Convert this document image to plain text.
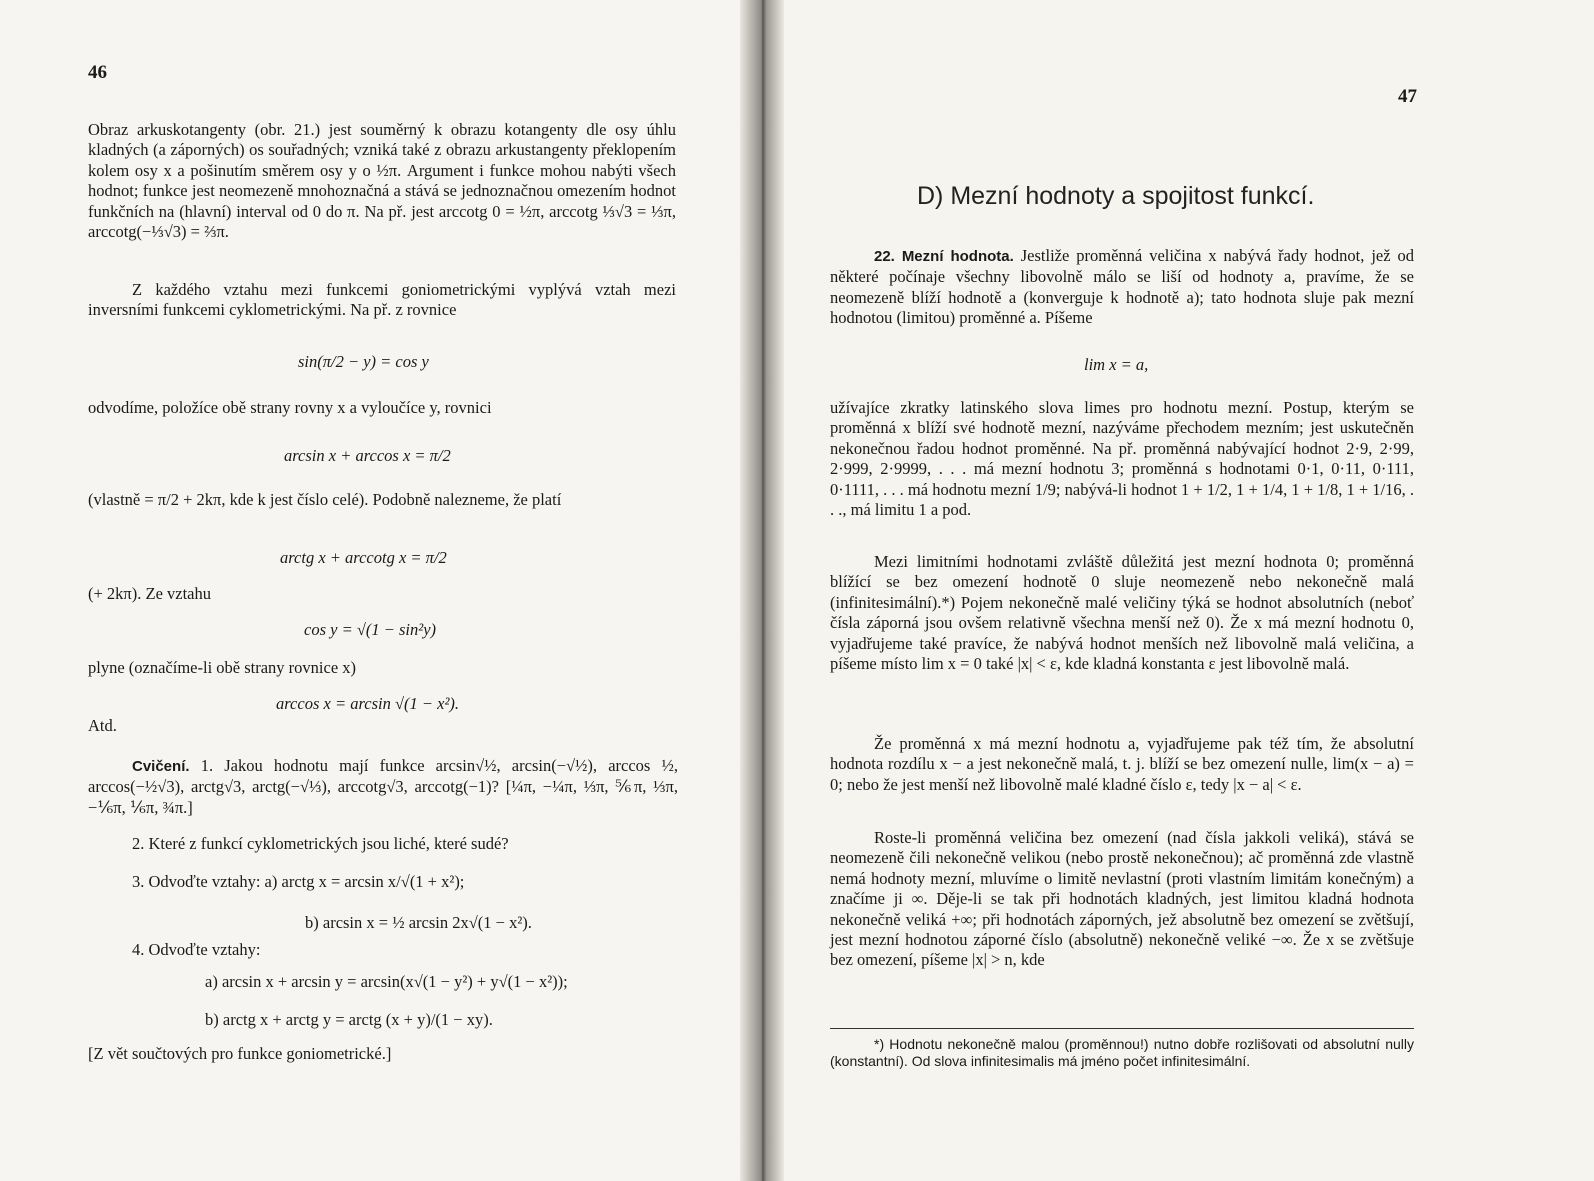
46

Obraz arkuskotangenty (obr. 21.) jest souměrný k obrazu kotangenty dle osy úhlu kladných (a záporných) os souřadných; vzniká také z obrazu arkustangenty překlopením kolem osy x a pošinutím směrem osy y o ½π. Argument i funkce mohou nabýti všech hodnot; funkce jest neomezeně mnohoznačná a stává se jednoznačnou omezením hodnot funkčních na (hlavní) interval od 0 do π. Na př. jest arccotg 0 = ½π, arccotg ⅓√3 = ⅓π, arccotg(−⅓√3) = ⅔π.

Z každého vztahu mezi funkcemi goniometrickými vyplývá vztah mezi inversními funkcemi cyklometrickými. Na př. z rovnice

sin(π/2 − y) = cos y

odvodíme, položíce obě strany rovny x a vyloučíce y, rovnici

arcsin x + arccos x = π/2

(vlastně = π/2 + 2kπ, kde k jest číslo celé). Podobně nalezneme, že platí

arctg x + arccotg x = π/2

(+ 2kπ). Ze vztahu

cos y = √(1 − sin²y)

plyne (označíme-li obě strany rovnice x)

arccos x = arcsin √(1 − x²).
Atd.

Cvičení. 1. Jakou hodnotu mají funkce arcsin√½, arcsin(−√½), arccos ½, arccos(−½√3), arctg√3, arctg(−√⅓), arccotg√3, arccotg(−1)? [¼π, −¼π, ⅓π, ⅚π, ⅓π, −⅙π, ⅙π, ¾π.]

2. Které z funkcí cyklometrických jsou liché, které sudé?
3. Odvoďte vztahy: a) arctg x = arcsin x/√(1 + x²);
b) arcsin x = ½ arcsin 2x√(1 − x²).
4. Odvoďte vztahy:
a) arcsin x + arcsin y = arcsin(x√(1 − y²) + y√(1 − x²));
b) arctg x + arctg y = arctg (x + y)/(1 − xy).
[Z vět součtových pro funkce goniometrické.]
47
D) Mezní hodnoty a spojitost funkcí.

22. Mezní hodnota. Jestliže proměnná veličina x nabývá řady hodnot, jež od některé počínaje všechny libovolně málo se liší od hodnoty a, pravíme, že se neomezeně blíží hodnotě a (konverguje k hodnotě a); tato hodnota sluje pak mezní hodnotou (limitou) proměnné a. Píšeme

lim x = a,

užívajíce zkratky latinského slova limes pro hodnotu mezní. Postup, kterým se proměnná x blíží své hodnotě mezní, nazýváme přechodem mezním; jest uskutečněn nekonečnou řadou hodnot proměnné. Na př. proměnná nabývající hodnot 2·9, 2·99, 2·999, 2·9999, . . . má mezní hodnotu 3; proměnná s hodnotami 0·1, 0·11, 0·111, 0·1111, . . . má hodnotu mezní 1/9; nabývá-li hodnot 1 + 1/2, 1 + 1/4, 1 + 1/8, 1 + 1/16, . . ., má limitu 1 a pod.

Mezi limitními hodnotami zvláště důležitá jest mezní hodnota 0; proměnná blížící se bez omezení hodnotě 0 sluje neomezeně nebo nekonečně malá (infinitesimální).*) Pojem nekonečně malé veličiny týká se hodnot absolutních (neboť čísla záporná jsou ovšem relativně všechna menší než 0). Že x má mezní hodnotu 0, vyjadřujeme také pravíce, že nabývá hodnot menších než libovolně malá veličina, a píšeme místo lim x = 0 také |x| < ε, kde kladná konstanta ε jest libovolně malá.

Že proměnná x má mezní hodnotu a, vyjadřujeme pak též tím, že absolutní hodnota rozdílu x − a jest nekonečně malá, t. j. blíží se bez omezení nulle, lim(x − a) = 0; nebo že jest menší než libovolně malé kladné číslo ε, tedy |x − a| < ε.

Roste-li proměnná veličina bez omezení (nad čísla jakkoli veliká), stává se neomezeně čili nekonečně velikou (nebo prostě nekonečnou); ač proměnná zde vlastně nemá hodnoty mezní, mluvíme o limitě nevlastní (proti vlastním limitám konečným) a značíme ji ∞. Děje-li se tak při hodnotách kladných, jest limitou kladná hodnota nekonečně veliká +∞; při hodnotách záporných, jež absolutně bez omezení se zvětšují, jest mezní hodnotou záporné číslo (absolutně) nekonečně veliké −∞. Že x se zvětšuje bez omezení, píšeme |x| > n, kde

*) Hodnotu nekonečně malou (proměnnou!) nutno dobře rozlišovati od absolutní nully (konstantní). Od slova infinitesimalis má jméno počet infinitesimální.
